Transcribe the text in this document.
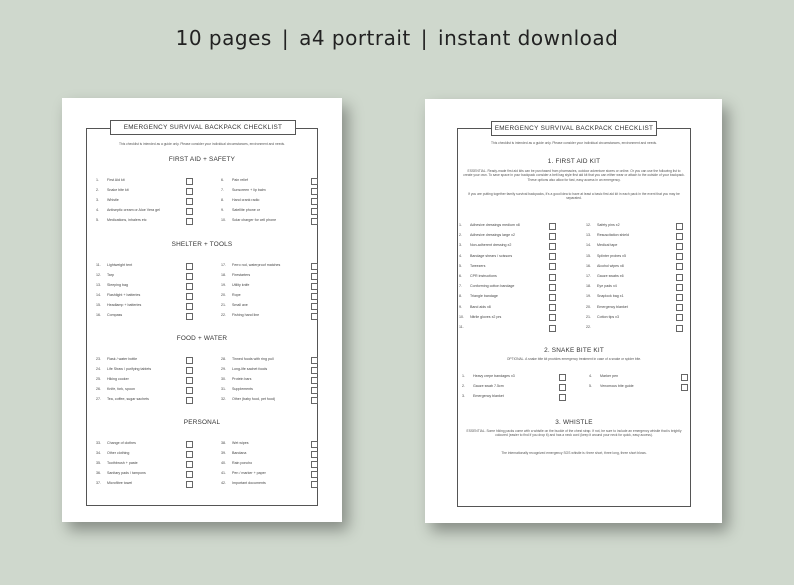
10 pages | a4 portrait | instant download
EMERGENCY SURVIVAL BACKPACK CHECKLIST
This checklist is intended as a guide only. Please consider your individual circumstances, environment and needs.
FIRST AID + SAFETY
1. First Aid kit	6. Pain relief
2. Snake bite kit	7. Sunscreen + lip balm
3. Whistle	8. Hand crank radio
4. Antiseptic cream or Aloe Vera gel	9. Satellite phone or
5. Medications, inhalers etc	10. Solar charger for cell phone
SHELTER + TOOLS
11. Lightweight tent	17. Ferro rod, waterproof matches
12. Tarp	18. Firestarters
13. Sleeping bag	19. Utility knife
14. Flashlight + batteries	20. Rope
15. Headlamp + batteries	21. Small axe
16. Compass	22. Fishing hand line
FOOD + WATER
23. Flask / water bottle	28. Tinned foods with ring pull
24. Life Straw / purifying tablets	29. Long-life sachet foods
25. Hiking cooker	30. Protein bars
26. Knife, fork, spoon	31. Supplements
27. Tea, coffee, sugar sachets	32. Other (baby food, pet food)
PERSONAL
33. Change of clothes	38. Wet wipes
34. Other clothing	39. Bandana
35. Toothbrush + paste	40. Rain poncho
36. Sanitary pads / tampons	41. Pen / marker + paper
37. Microfibre towel	42. Important documents
EMERGENCY SURVIVAL BACKPACK CHECKLIST
This checklist is intended as a guide only. Please consider your individual circumstances, environment and needs.
1. FIRST AID KIT
ESSENTIAL. Ready-made first aid kits can be purchased from pharmacies, outdoor adventure stores or online. Or you can use the following list to create your own. To save space in your backpack consider a belt bag style first aid kit that you can either wear or attach to the outside of your backpack. These options also allow for fast, easy access in an emergency.
If you are putting together family survival backpacks, it's a good idea to have at least a basic first aid kit in each pack in the event that you may be separated.
2. SNAKE BITE KIT
OPTIONAL. A snake bite kit provides emergency treatment in case of a snake or spider bite.
3. WHISTLE
ESSENTIAL. Some hiking packs come with a whistle on the buckle of the chest strap. If not, be sure to include an emergency whistle that is brightly coloured (easier to find if you drop it) and has a neck cord (keep it around your neck for quick, easy access).
The internationally recognized emergency SOS whistle is: three short, three long, three short blows.
1. Adhesive dressings medium x8	12. Safety pins x2
2. Adhesive dressings large x2	13. Resuscitation shield
3. Non-adherent dressing x2	14. Medical tape
4. Bandage shears / scissors	15. Splinter probes x5
5. Tweezers	16. Alcohol wipes x8
6. CPR instructions	17. Gauze swabs x6
7. Conforming cotton bandage	18. Eye pads x4
8. Triangle bandage	19. Snaplock bag x1
9. Band aids x8	20. Emergency blanket
10. Nitrile gloves x2 prs	21. Cotton tips x3
11.	22.
1. Heavy crepe bandages x3	4. Marker pen
2. Gauze swab 7.5cm	5. Venomous bite guide
3. Emergency blanket
